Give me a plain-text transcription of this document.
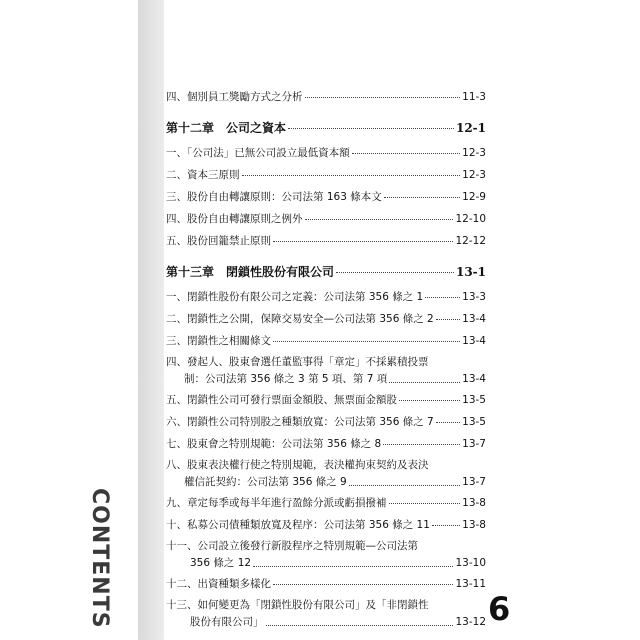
CONTENTS
四、個別員工獎勵方式之分析	11-3
第十二章　公司之資本	12-1
一、「公司法」已無公司設立最低資本額	12-3
二、資本三原則	12-3
三、股份自由轉讓原則：公司法第 163 條本文	12-9
四、股份自由轉讓原則之例外	12-10
五、股份回籠禁止原則	12-12
第十三章　閉鎖性股份有限公司	13-1
一、閉鎖性股份有限公司之定義：公司法第 356 條之 1	13-3
二、閉鎖性之公開，保障交易安全—公司法第 356 條之 2	13-4
三、閉鎖性之相關條文	13-4
四、發起人、股東會選任董監事得「章定」不採累積投票
制：公司法第 356 條之 3 第 5 項、第 7 項	13-4
五、閉鎖性公司可發行票面金額股、無票面金額股	13-5
六、閉鎖性公司特別股之種類放寬：公司法第 356 條之 7	13-5
七、股東會之特別規範：公司法第 356 條之 8	13-7
八、股東表決權行使之特別規範，表決權拘束契約及表決
權信託契約：公司法第 356 條之 9	13-7
九、章定每季或每半年進行盈餘分派或虧損撥補	13-8
十、私募公司債種類放寬及程序：公司法第 356 條之 11	13-8
十一、公司設立後發行新股程序之特別規範—公司法第
356 條之 12	13-10
十二、出資種類多樣化	13-11
十三、如何變更為「閉鎖性股份有限公司」及「非閉鎖性
股份有限公司」	13-12 6
